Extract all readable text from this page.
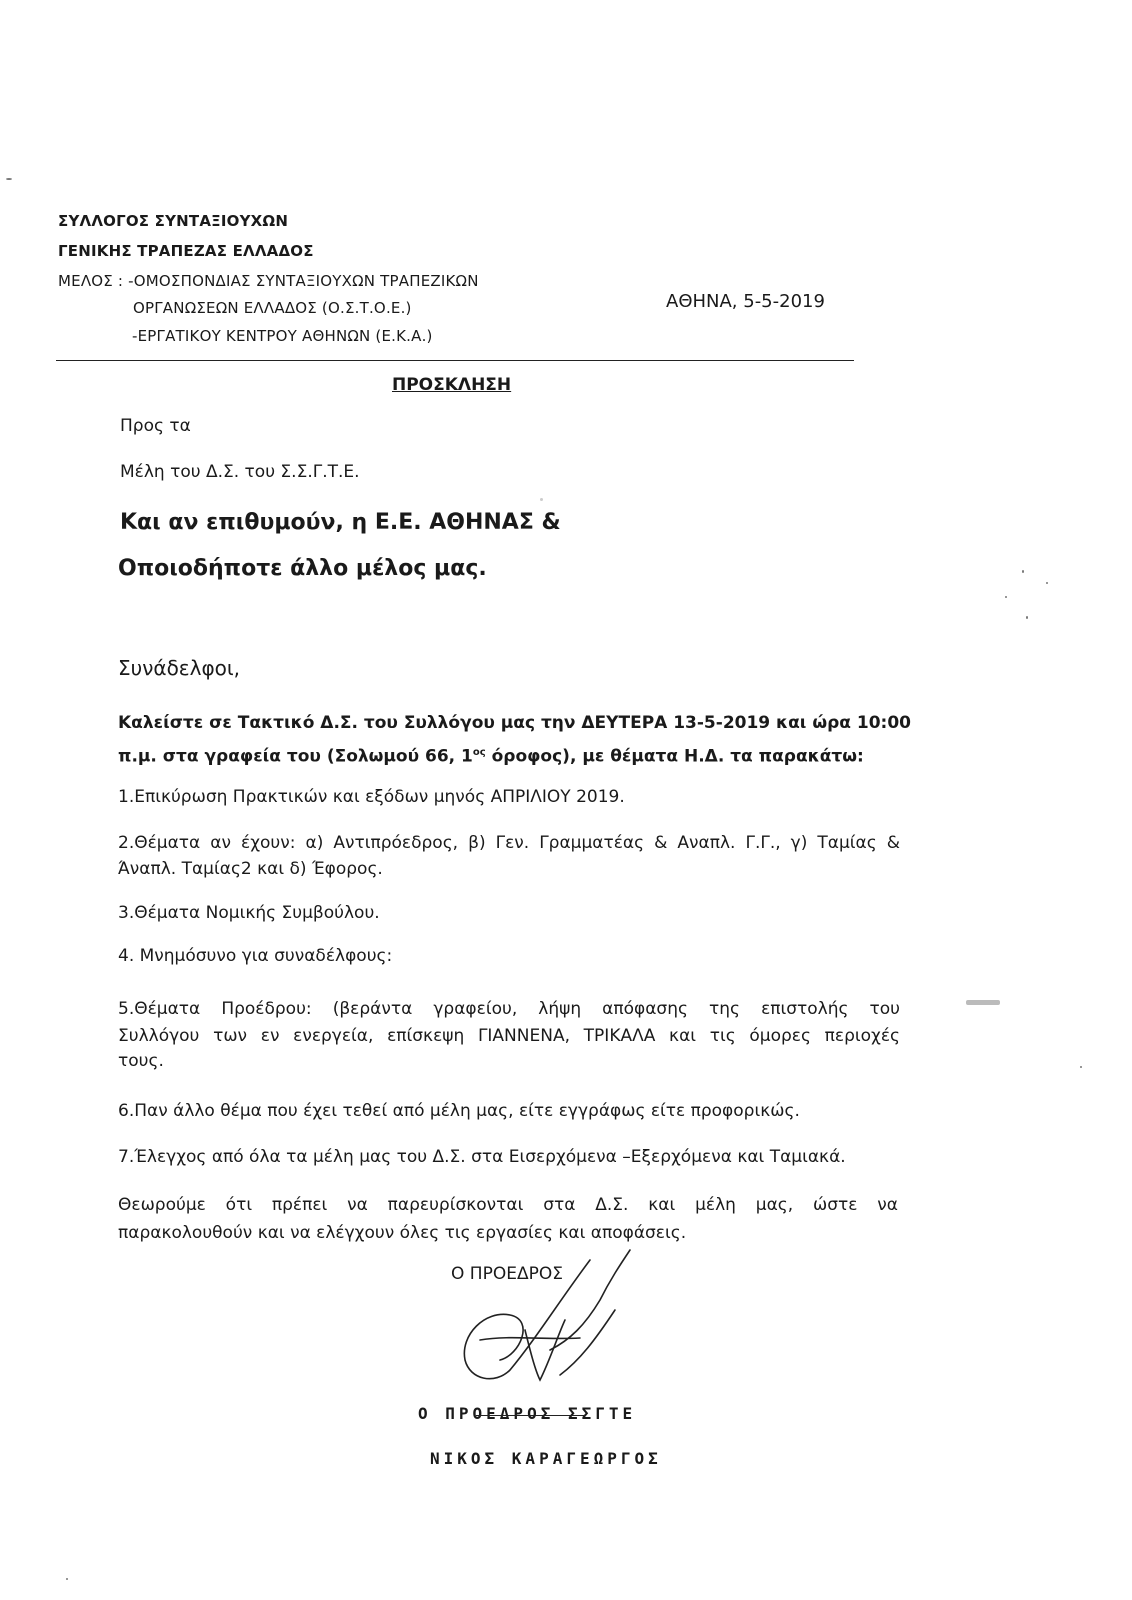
ΣΥΛΛΟΓΟΣ ΣΥΝΤΑΞΙΟΥΧΩΝ
ΓΕΝΙΚΗΣ ΤΡΑΠΕΖΑΣ ΕΛΛΑΔΟΣ
ΜΕΛΟΣ : -ΟΜΟΣΠΟΝΔΙΑΣ ΣΥΝΤΑΞΙΟΥΧΩΝ ΤΡΑΠΕΖΙΚΩΝ
ΟΡΓΑΝΩΣΕΩΝ ΕΛΛΑΔΟΣ (Ο.Σ.Τ.Ο.Ε.)
-ΕΡΓΑΤΙΚΟΥ ΚΕΝΤΡΟΥ ΑΘΗΝΩΝ (Ε.Κ.Α.)
ΑΘΗΝΑ, 5-5-2019
ΠΡΟΣΚΛΗΣΗ
Προς τα
Μέλη του Δ.Σ. του Σ.Σ.Γ.Τ.Ε.
Και αν επιθυμούν, η Ε.Ε. ΑΘΗΝΑΣ &
Οποιοδήποτε άλλο μέλος μας.
Συνάδελφοι,
Καλείστε σε Τακτικό Δ.Σ. του Συλλόγου μας την ΔΕΥΤΕΡΑ 13-5-2019 και ώρα 10:00
π.μ. στα γραφεία του (Σολωμού 66, $1^{o\varsigma}$ όροφος), με θέματα Η.Δ. τα παρακάτω:
1.Επικύρωση Πρακτικών και εξόδων μηνός ΑΠΡΙΛΙΟΥ 2019.
2.Θέματα αν έχουν: α) Αντιπρόεδρος, β) Γεν. Γραμματέας & Αναπλ. Γ.Γ., γ) Ταμίας &
Άναπλ. Ταμίας2 και δ) Έφορος.
3.Θέματα Νομικής Συμβούλου.
4. Μνημόσυνο για συναδέλφους:
5.Θέματα Προέδρου: (βεράντα γραφείου, λήψη απόφασης της επιστολής του
Συλλόγου των εν ενεργεία, επίσκεψη ΓΙΑΝΝΕΝΑ, ΤΡΙΚΑΛΑ και τις όμορες περιοχές
τους.
6.Παν άλλο θέμα που έχει τεθεί από μέλη μας, είτε εγγράφως είτε προφορικώς.
7.Έλεγχος από όλα τα μέλη μας του Δ.Σ. στα Εισερχόμενα –Εξερχόμενα και Ταμιακά.
Θεωρούμε ότι πρέπει να παρευρίσκονται στα Δ.Σ. και μέλη μας, ώστε να
παρακολουθούν και να ελέγχουν όλες τις εργασίες και αποφάσεις.
Ο ΠΡΟΕΔΡΟΣ
Ο ΠΡΟΕΔΡΟΣ ΣΣΓΤΕ
ΝΙΚΟΣ ΚΑΡΑΓΕΩΡΓΟΣ
